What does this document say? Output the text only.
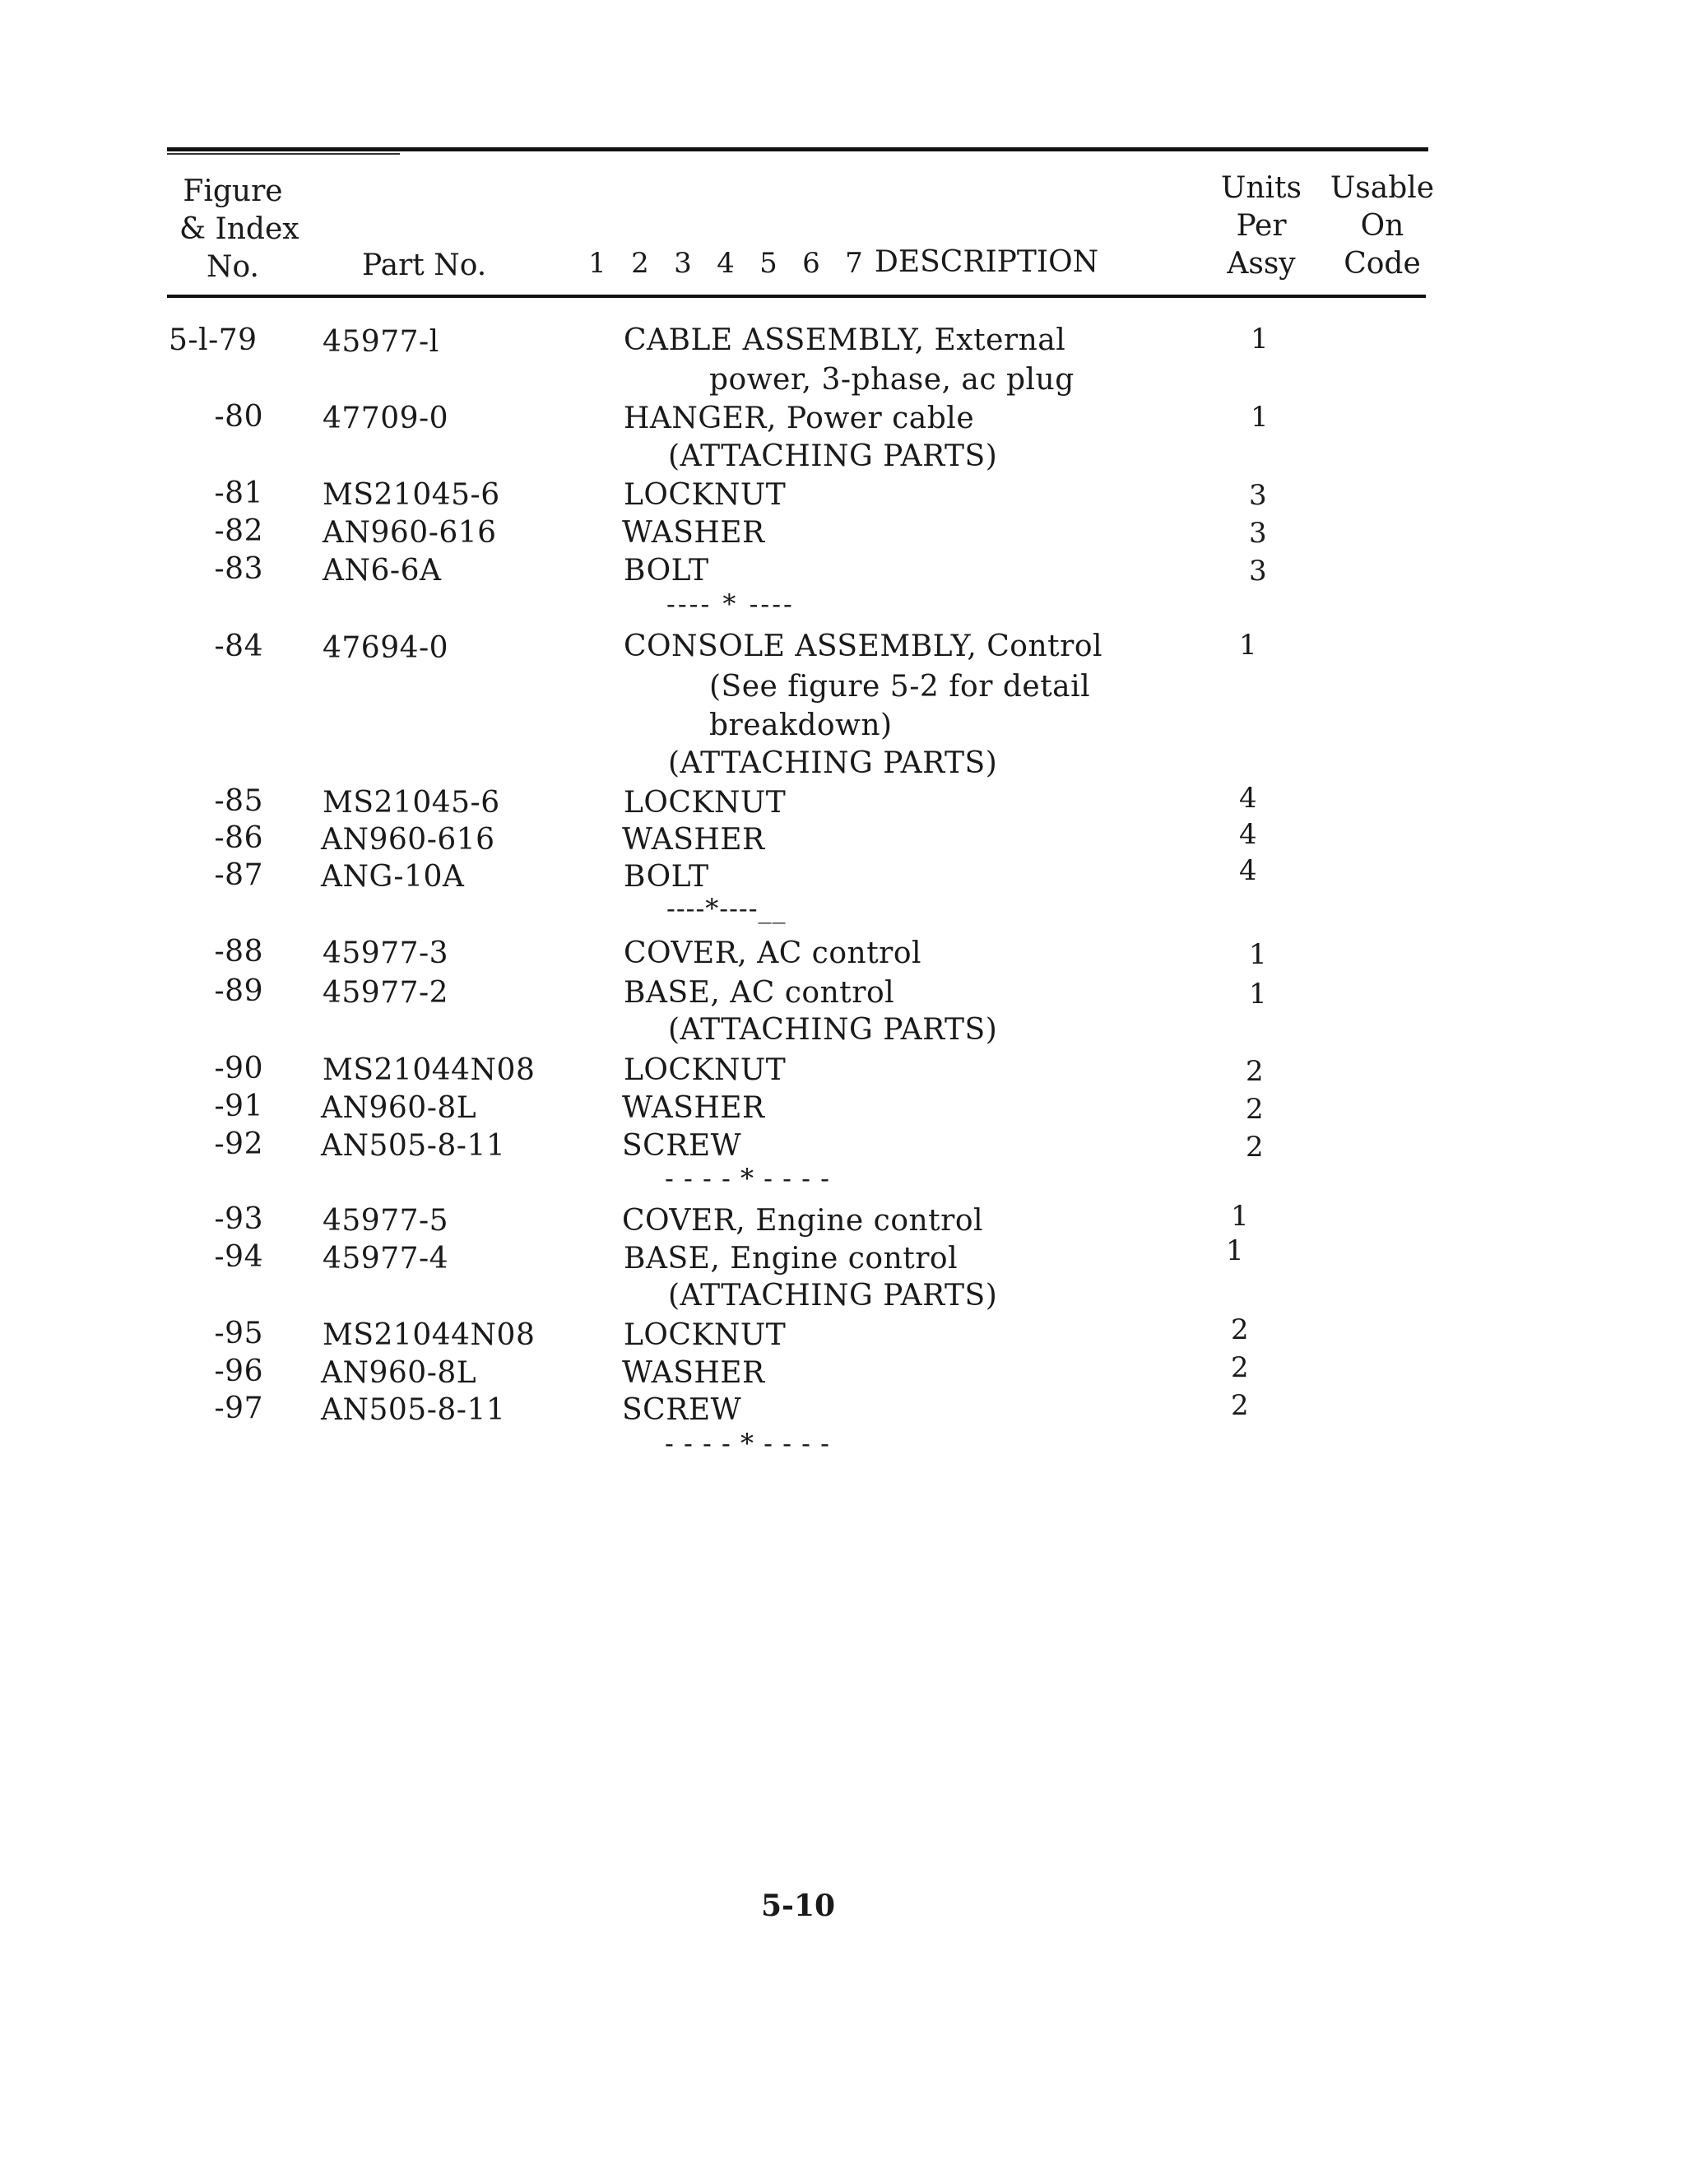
Figure
& Index
No.	Part No.	1 2 3 4 5 6 7 DESCRIPTION
Units
Per
Assy
Usable
On
Code
5-l-79 45977-l	CABLE ASSEMBLY, External
power, 3-phase, ac plug
1
-80 47709-0	HANGER, Power cable
(ATTACHING PARTS)
1
-81 MS21045-6	LOCKNUT	3
-82 AN960-616	WASHER	3
-83 AN6-6A	BOLT	3
---- * ----
-84 47694-0	CONSOLE ASSEMBLY, Control
(See figure 5-2 for detail
breakdown)
(ATTACHING PARTS)
1
-85 MS21045-6	LOCKNUT	4
-86 AN960-616	WASHER	4
-87 ANG-10A	BOLT	4
----*----__
-88 45977-3	COVER, AC control	1
-89 45977-2	BASE, AC control
(ATTACHING PARTS)
1
-90 MS21044N08	LOCKNUT	2
-91 AN960-8L	WASHER	2
-92 AN505-8-11	SCREW	2
- - - - * - - - -
-93 45977-5	COVER, Engine control	1
-94 45977-4	BASE, Engine control
(ATTACHING PARTS)
1
-95 MS21044N08	LOCKNUT	2
-96 AN960-8L	WASHER	2
-97 AN505-8-11	SCREW	2
- - - - * - - - -
5-10
